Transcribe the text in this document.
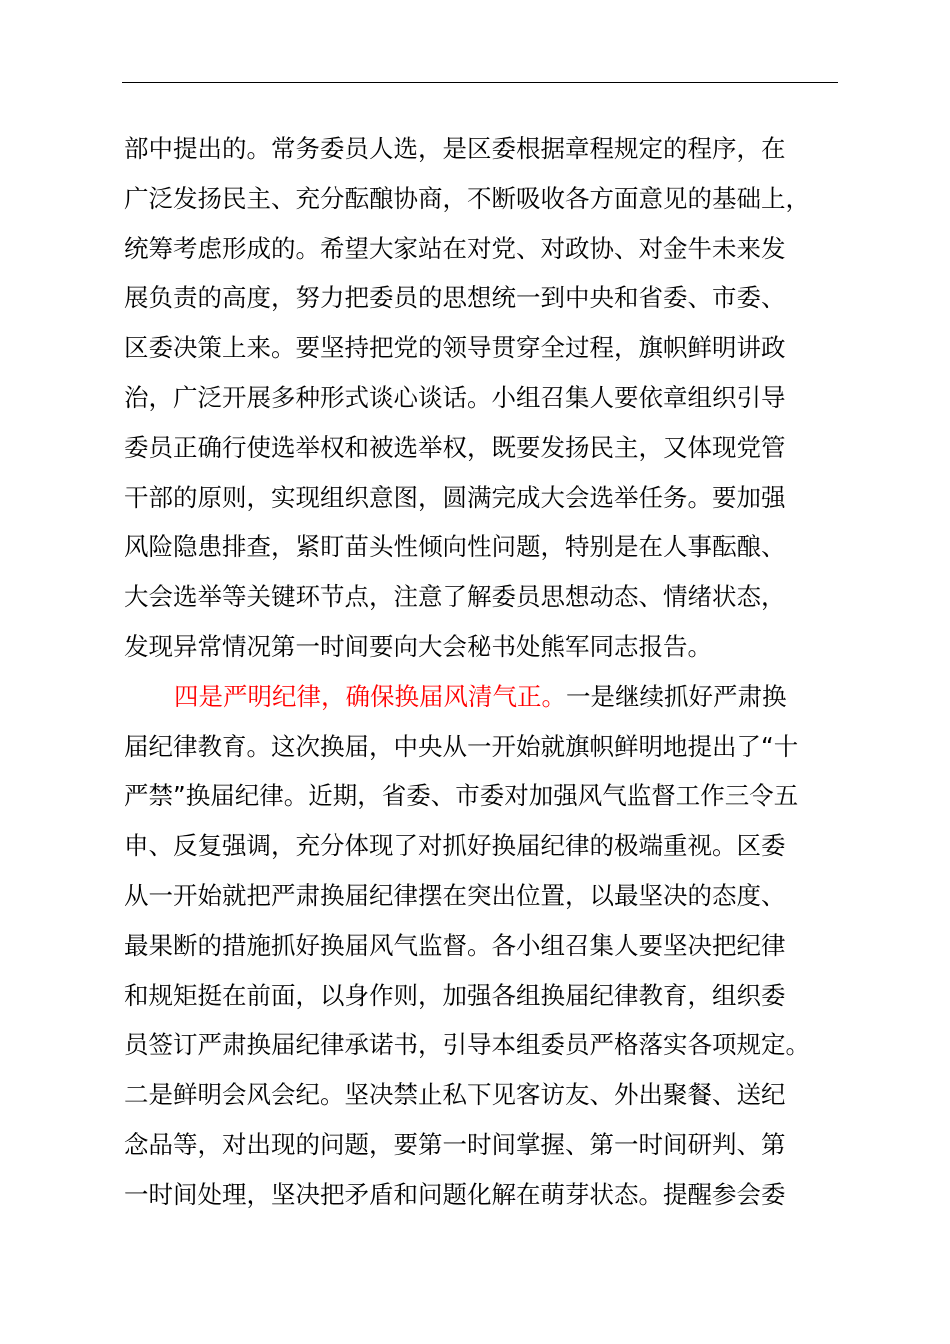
部中提出的。常务委员人选，是区委根据章程规定的程序，在
广泛发扬民主、充分酝酿协商，不断吸收各方面意见的基础上，
统筹考虑形成的。希望大家站在对党、对政协、对金牛未来发
展负责的高度，努力把委员的思想统一到中央和省委、市委、
区委决策上来。要坚持把党的领导贯穿全过程，旗帜鲜明讲政
治，广泛开展多种形式谈心谈话。小组召集人要依章组织引导
委员正确行使选举权和被选举权，既要发扬民主，又体现党管
干部的原则，实现组织意图，圆满完成大会选举任务。要加强
风险隐患排查，紧盯苗头性倾向性问题，特别是在人事酝酿、
大会选举等关键环节点，注意了解委员思想动态、情绪状态，
发现异常情况第一时间要向大会秘书处熊军同志报告。
四是严明纪律，确保换届风清气正。一是继续抓好严肃换
届纪律教育。这次换届，中央从一开始就旗帜鲜明地提出了“十
严禁”换届纪律。近期，省委、市委对加强风气监督工作三令五
申、反复强调，充分体现了对抓好换届纪律的极端重视。区委
从一开始就把严肃换届纪律摆在突出位置，以最坚决的态度、
最果断的措施抓好换届风气监督。各小组召集人要坚决把纪律
和规矩挺在前面，以身作则，加强各组换届纪律教育，组织委
员签订严肃换届纪律承诺书，引导本组委员严格落实各项规定。
二是鲜明会风会纪。坚决禁止私下见客访友、外出聚餐、送纪
念品等，对出现的问题，要第一时间掌握、第一时间研判、第
一时间处理，坚决把矛盾和问题化解在萌芽状态。提醒参会委
